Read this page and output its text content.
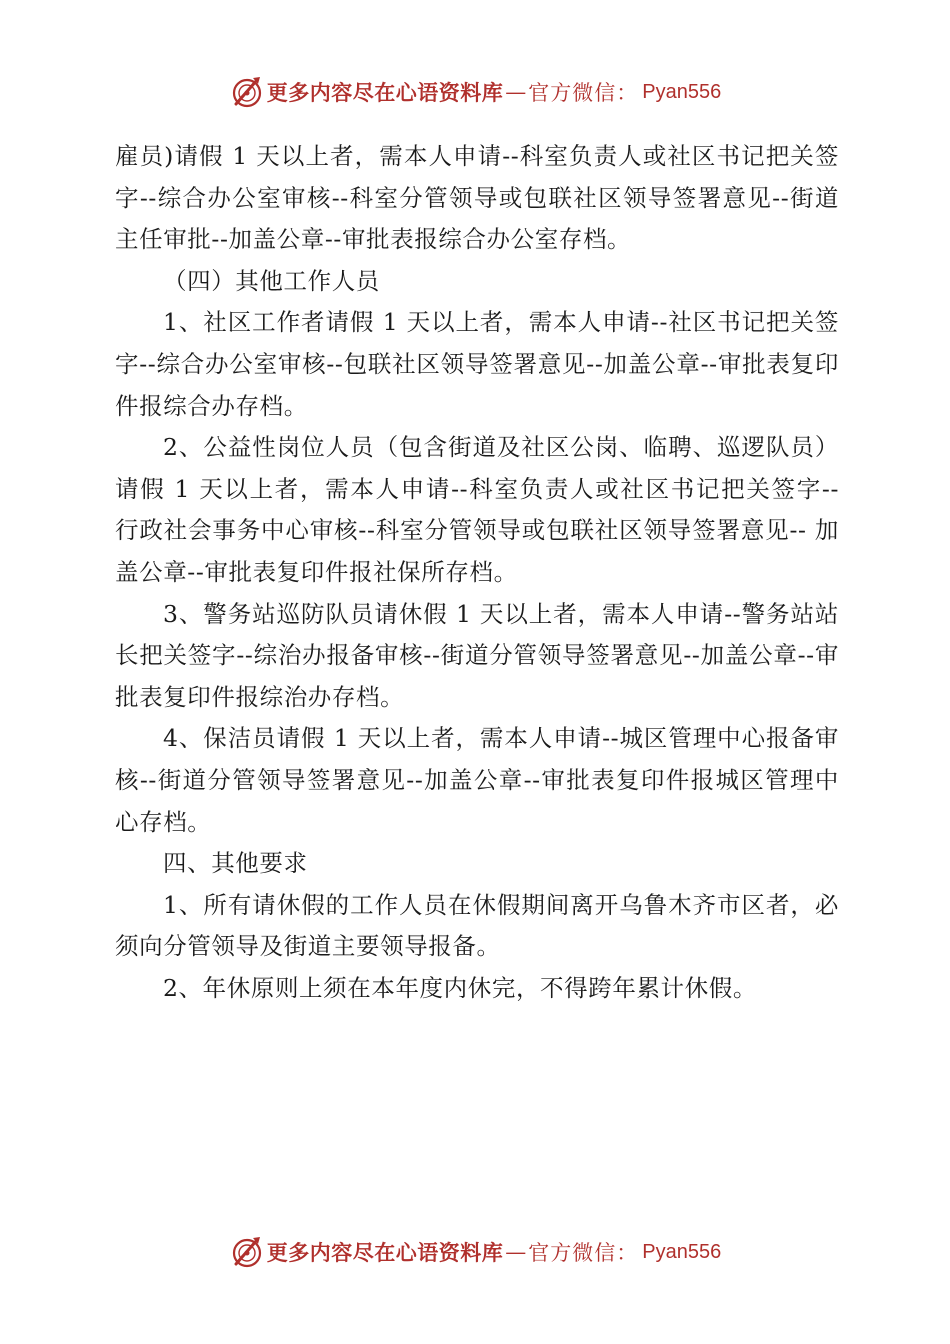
更多内容尽在心语资料库 — 官方微信： Pyan556

雇员)请假 1 天以上者，需本人申请--科室负责人或社区书记把关签字--综合办公室审核--科室分管领导或包联社区领导签署意见--街道主任审批--加盖公章--审批表报综合办公室存档。

（四）其他工作人员

1、社区工作者请假 1 天以上者，需本人申请--社区书记把关签字--综合办公室审核--包联社区领导签署意见--加盖公章--审批表复印件报综合办存档。

2、公益性岗位人员（包含街道及社区公岗、临聘、巡逻队员）请假 1 天以上者，需本人申请--科室负责人或社区书记把关签字-- 行政社会事务中心审核--科室分管领导或包联社区领导签署意见-- 加盖公章--审批表复印件报社保所存档。

3、警务站巡防队员请休假 1 天以上者，需本人申请--警务站站长把关签字--综治办报备审核--街道分管领导签署意见--加盖公章--审批表复印件报综治办存档。

4、保洁员请假 1 天以上者，需本人申请--城区管理中心报备审核--街道分管领导签署意见--加盖公章--审批表复印件报城区管理中心存档。

四、其他要求

1、所有请休假的工作人员在休假期间离开乌鲁木齐市区者，必须向分管领导及街道主要领导报备。

2、年休原则上须在本年度内休完，不得跨年累计休假。

更多内容尽在心语资料库 — 官方微信： Pyan556
